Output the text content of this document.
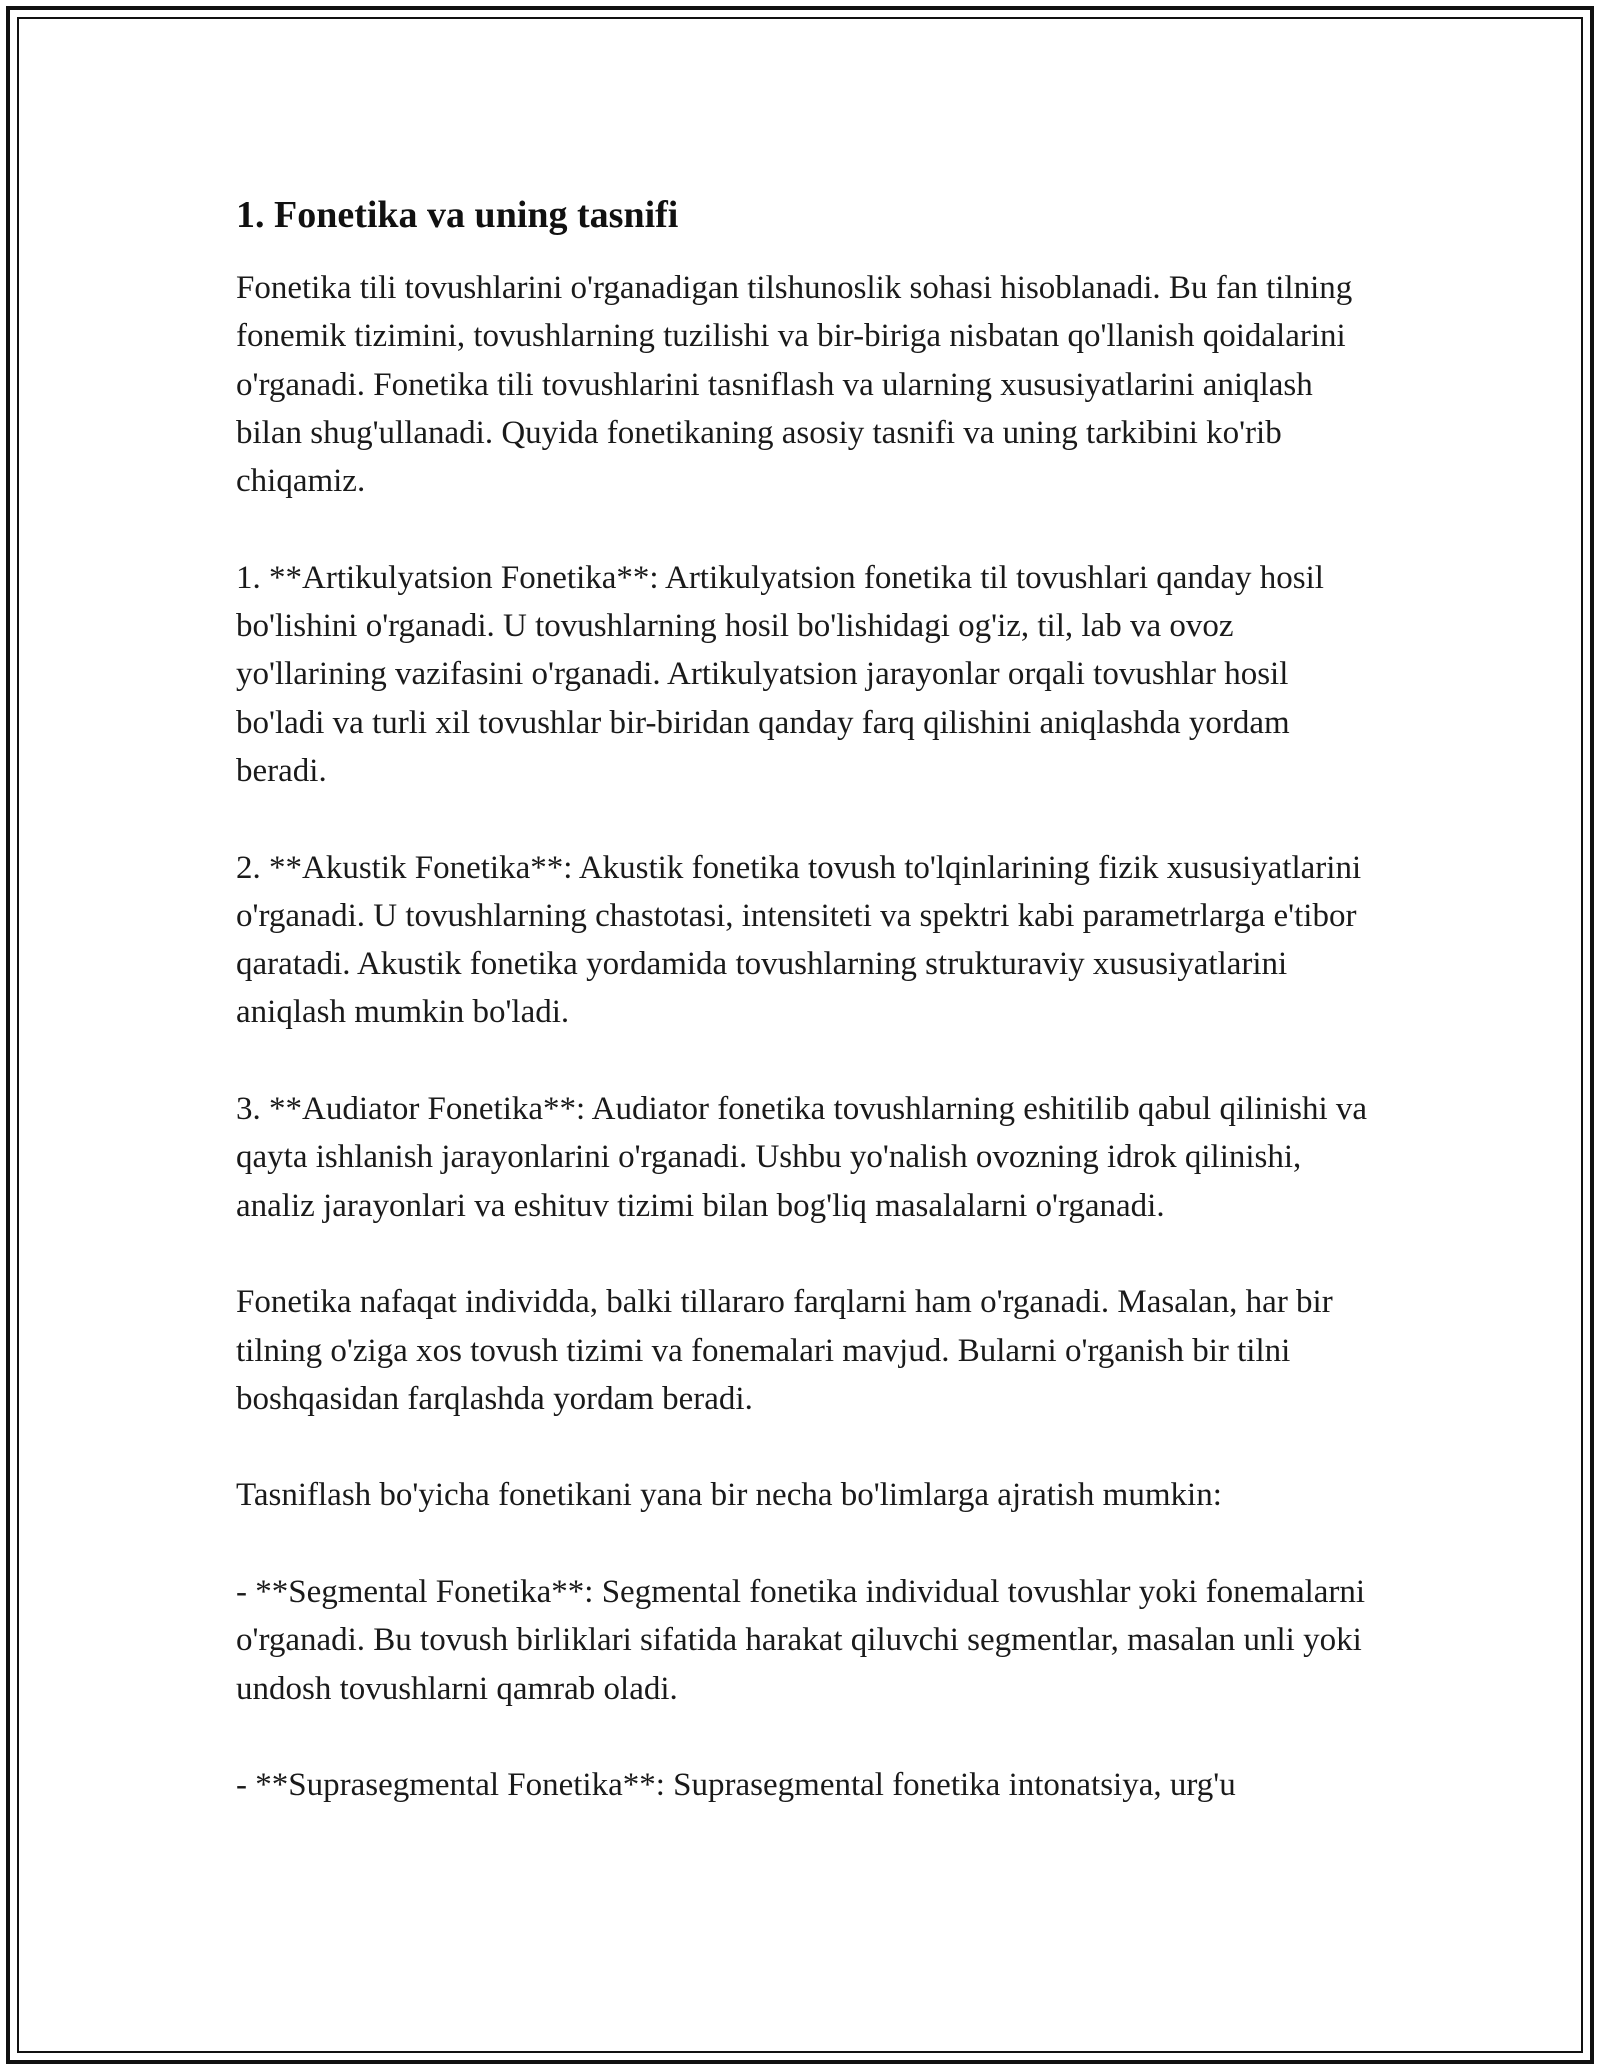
1. Fonetika va uning tasnifi

Fonetika tili tovushlarini o'rganadigan tilshunoslik sohasi hisoblanadi. Bu fan tilning fonemik tizimini, tovushlarning tuzilishi va bir-biriga nisbatan qo'llanish qoidalarini o'rganadi. Fonetika tili tovushlarini tasniflash va ularning xususiyatlarini aniqlash bilan shug'ullanadi. Quyida fonetikaning asosiy tasnifi va uning tarkibini ko'rib chiqamiz.

1. **Artikulyatsion Fonetika**: Artikulyatsion fonetika til tovushlari qanday hosil bo'lishini o'rganadi. U tovushlarning hosil bo'lishidagi og'iz, til, lab va ovoz yo'llarining vazifasini o'rganadi. Artikulyatsion jarayonlar orqali tovushlar hosil bo'ladi va turli xil tovushlar bir-biridan qanday farq qilishini aniqlashda yordam beradi.

2. **Akustik Fonetika**: Akustik fonetika tovush to'lqinlarining fizik xususiyatlarini o'rganadi. U tovushlarning chastotasi, intensiteti va spektri kabi parametrlarga e'tibor qaratadi. Akustik fonetika yordamida tovushlarning strukturaviy xususiyatlarini aniqlash mumkin bo'ladi.

3. **Audiator Fonetika**: Audiator fonetika tovushlarning eshitilib qabul qilinishi va qayta ishlanish jarayonlarini o'rganadi. Ushbu yo'nalish ovozning idrok qilinishi, analiz jarayonlari va eshituv tizimi bilan bog'liq masalalarni o'rganadi.

Fonetika nafaqat individda, balki tillararo farqlarni ham o'rganadi. Masalan, har bir tilning o'ziga xos tovush tizimi va fonemalari mavjud. Bularni o'rganish bir tilni boshqasidan farqlashda yordam beradi.

Tasniflash bo'yicha fonetikani yana bir necha bo'limlarga ajratish mumkin:

- **Segmental Fonetika**: Segmental fonetika individual tovushlar yoki fonemalarni o'rganadi. Bu tovush birliklari sifatida harakat qiluvchi segmentlar, masalan unli yoki undosh tovushlarni qamrab oladi.

- **Suprasegmental Fonetika**: Suprasegmental fonetika intonatsiya, urg'u
